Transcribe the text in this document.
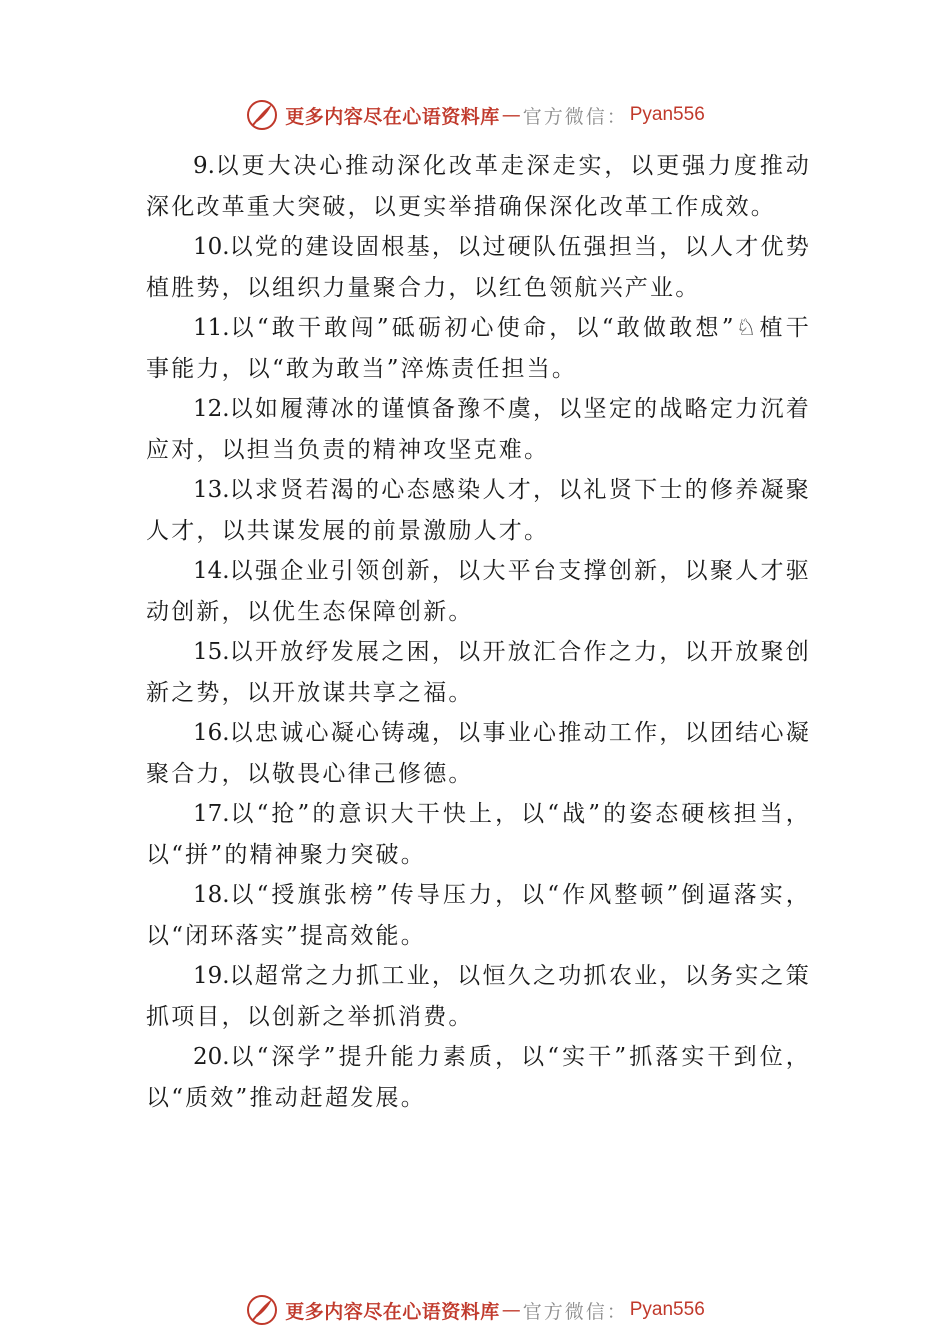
更多内容尽在心语资料库 — 官方微信： Pyan556

9.以更大决心推动深化改革走深走实，以更强力度推动深化改革重大突破，以更实举措确保深化改革工作成效。

10.以党的建设固根基，以过硬队伍强担当，以人才优势植胜势，以组织力量聚合力，以红色领航兴产业。

11.以“敢干敢闯”砥砺初心使命，以“敢做敢想”♘植干事能力，以“敢为敢当”淬炼责任担当。

12.以如履薄冰的谨慎备豫不虞，以坚定的战略定力沉着应对，以担当负责的精神攻坚克难。

13.以求贤若渴的心态感染人才，以礼贤下士的修养凝聚人才，以共谋发展的前景激励人才。

14.以强企业引领创新，以大平台支撑创新，以聚人才驱动创新，以优生态保障创新。

15.以开放纾发展之困，以开放汇合作之力，以开放聚创新之势，以开放谋共享之福。

16.以忠诚心凝心铸魂，以事业心推动工作，以团结心凝聚合力，以敬畏心律己修德。

17.以“抢”的意识大干快上，以“战”的姿态硬核担当，以“拼”的精神聚力突破。

18.以“授旗张榜”传导压力，以“作风整顿”倒逼落实，以“闭环落实”提高效能。

19.以超常之力抓工业，以恒久之功抓农业，以务实之策抓项目，以创新之举抓消费。

20.以“深学”提升能力素质，以“实干”抓落实干到位，以“质效”推动赶超发展。

更多内容尽在心语资料库 — 官方微信： Pyan556
